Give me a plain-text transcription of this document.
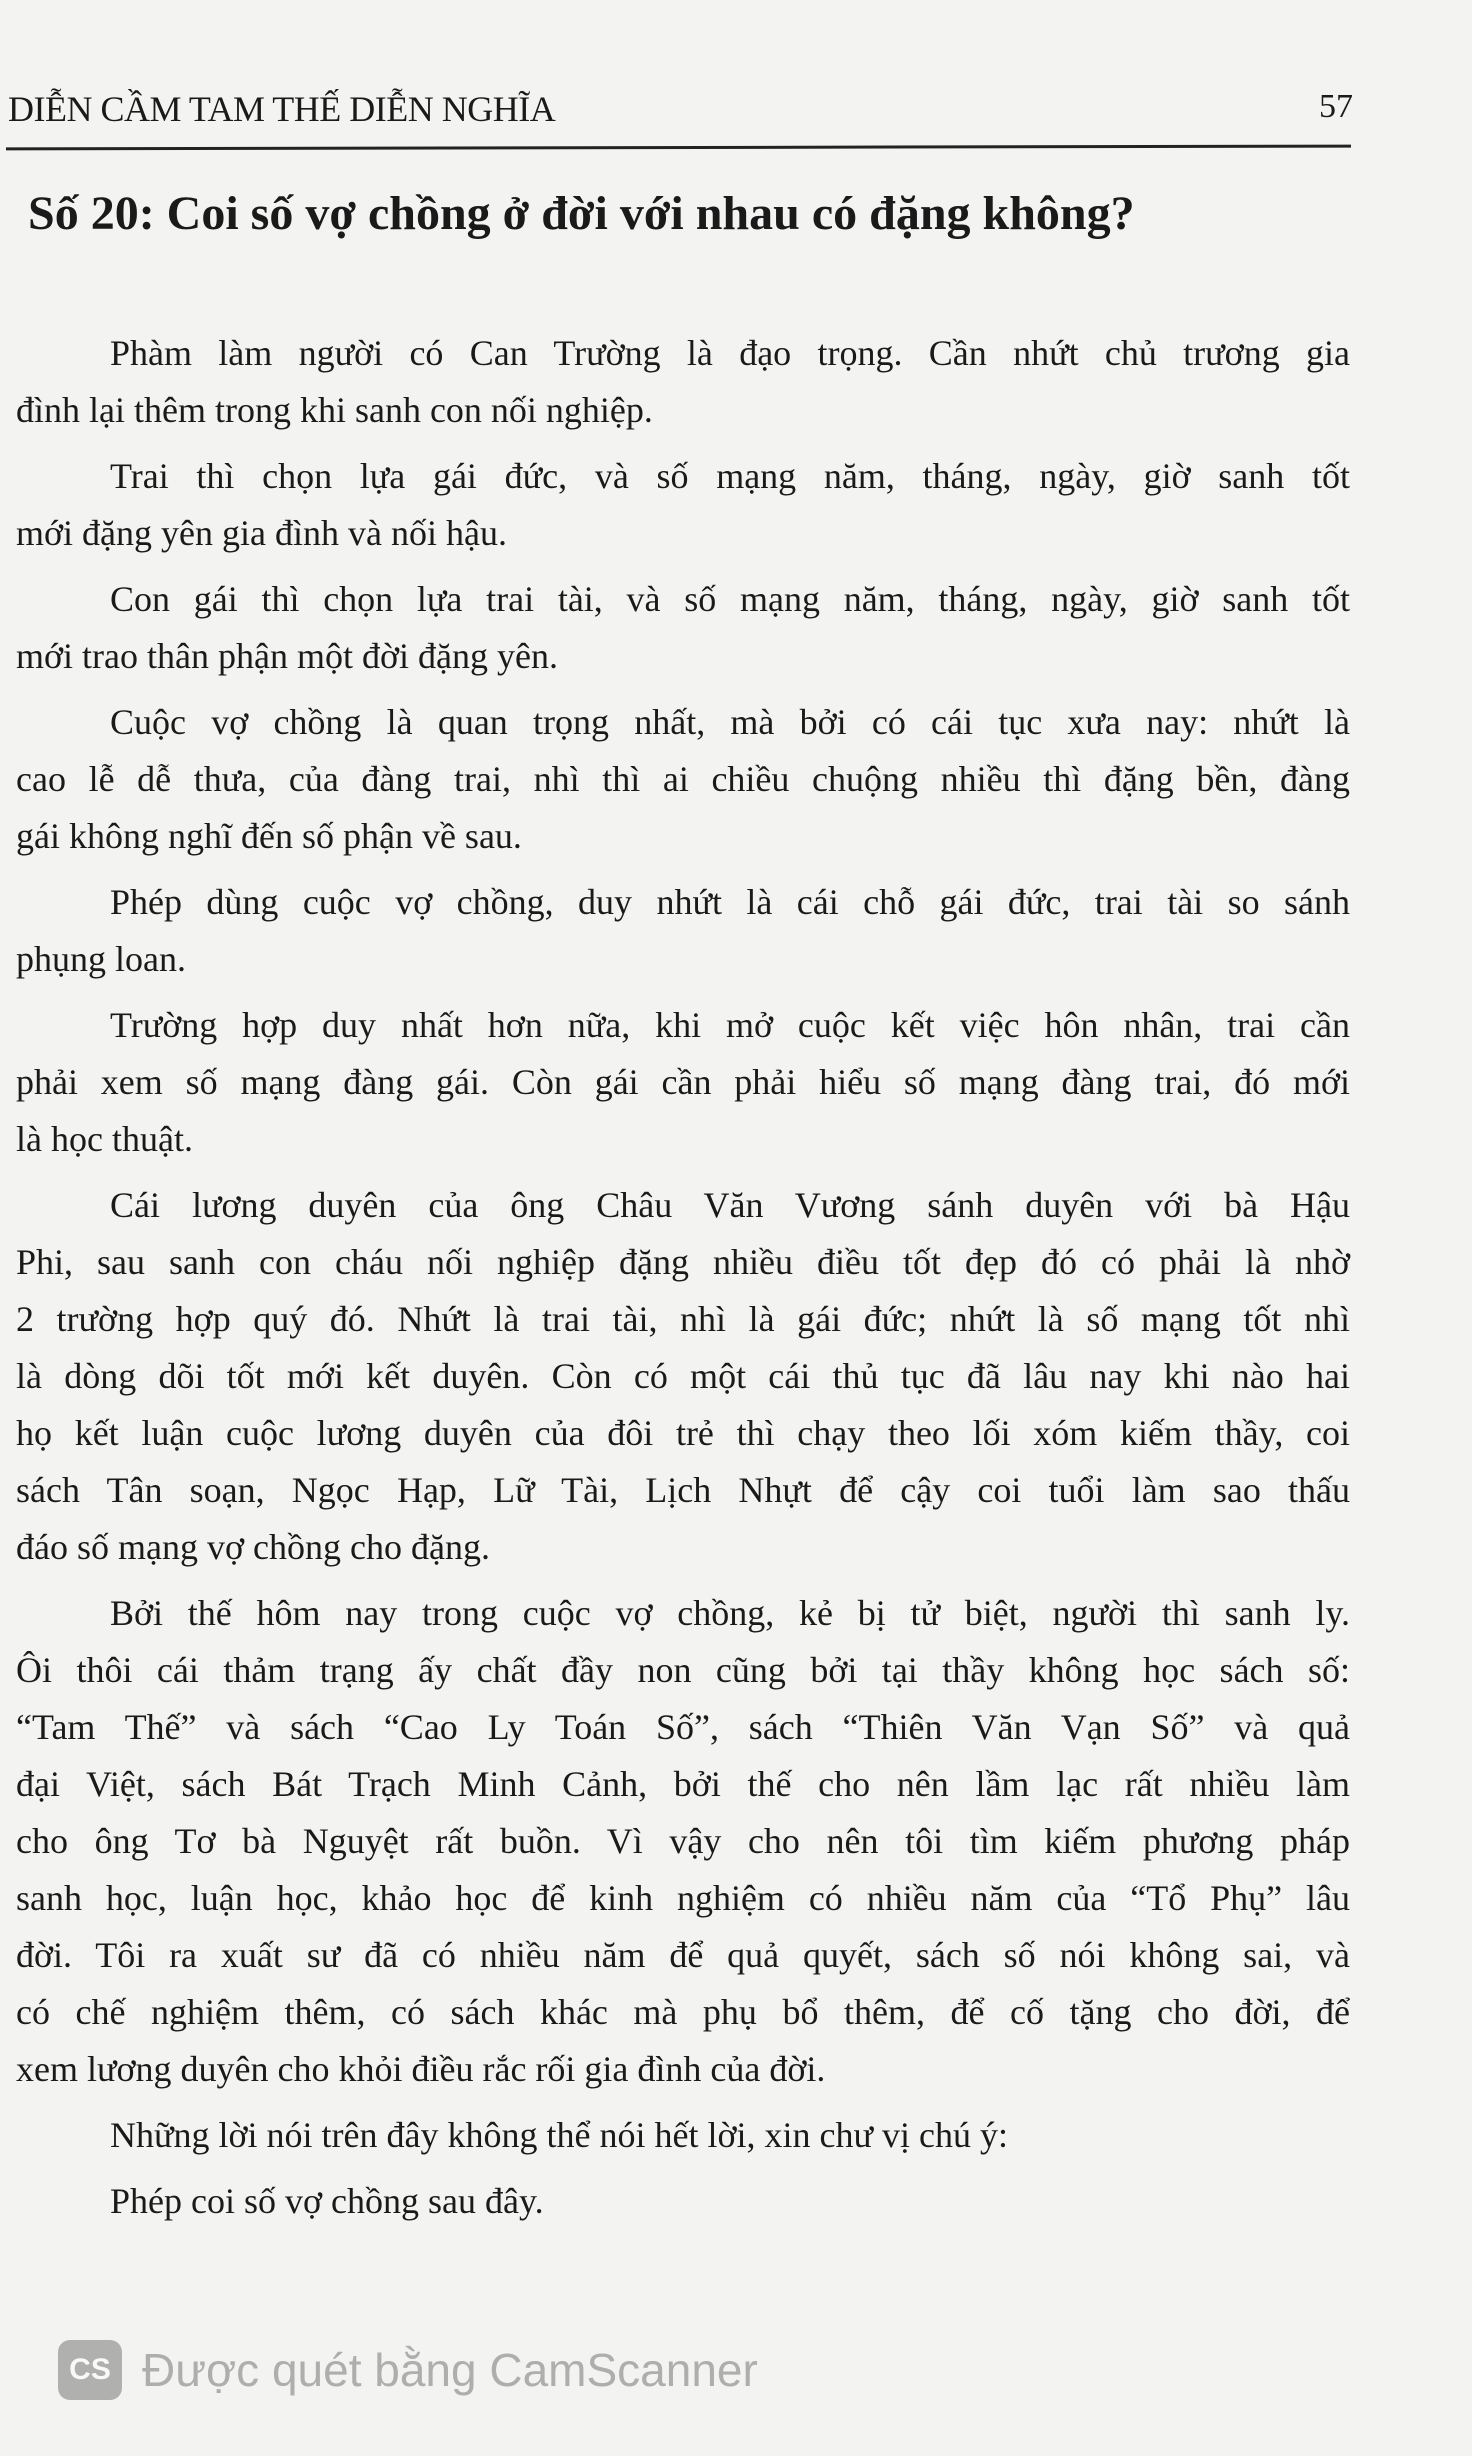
DIỄN CẦM TAM THẾ DIỄN NGHĨA	57
Số 20: Coi số vợ chồng ở đời với nhau có đặng không?
Phàm làm người có Can Trường là đạo trọng. Cần nhứt chủ trương gia
đình lại thêm trong khi sanh con nối nghiệp.
Trai thì chọn lựa gái đức, và số mạng năm, tháng, ngày, giờ sanh tốt
mới đặng yên gia đình và nối hậu.
Con gái thì chọn lựa trai tài, và số mạng năm, tháng, ngày, giờ sanh tốt
mới trao thân phận một đời đặng yên.
Cuộc vợ chồng là quan trọng nhất, mà bởi có cái tục xưa nay: nhứt là
cao lễ dễ thưa, của đàng trai, nhì thì ai chiều chuộng nhiều thì đặng bền, đàng
gái không nghĩ đến số phận về sau.
Phép dùng cuộc vợ chồng, duy nhứt là cái chỗ gái đức, trai tài so sánh
phụng loan.
Trường hợp duy nhất hơn nữa, khi mở cuộc kết việc hôn nhân, trai cần
phải xem số mạng đàng gái. Còn gái cần phải hiểu số mạng đàng trai, đó mới
là học thuật.
Cái lương duyên của ông Châu Văn Vương sánh duyên với bà Hậu
Phi, sau sanh con cháu nối nghiệp đặng nhiều điều tốt đẹp đó có phải là nhờ
2 trường hợp quý đó. Nhứt là trai tài, nhì là gái đức; nhứt là số mạng tốt nhì
là dòng dõi tốt mới kết duyên. Còn có một cái thủ tục đã lâu nay khi nào hai
họ kết luận cuộc lương duyên của đôi trẻ thì chạy theo lối xóm kiếm thầy, coi
sách Tân soạn, Ngọc Hạp, Lữ Tài, Lịch Nhựt để cậy coi tuổi làm sao thấu
đáo số mạng vợ chồng cho đặng.
Bởi thế hôm nay trong cuộc vợ chồng, kẻ bị tử biệt, người thì sanh ly.
Ôi thôi cái thảm trạng ấy chất đầy non cũng bởi tại thầy không học sách số:
“Tam Thế” và sách “Cao Ly Toán Số”, sách “Thiên Văn Vạn Số” và quả
đại Việt, sách Bát Trạch Minh Cảnh, bởi thế cho nên lầm lạc rất nhiều làm
cho ông Tơ bà Nguyệt rất buồn. Vì vậy cho nên tôi tìm kiếm phương pháp
sanh học, luận học, khảo học để kinh nghiệm có nhiều năm của “Tổ Phụ” lâu
đời. Tôi ra xuất sư đã có nhiều năm để quả quyết, sách số nói không sai, và
có chế nghiệm thêm, có sách khác mà phụ bổ thêm, để cố tặng cho đời, để
xem lương duyên cho khỏi điều rắc rối gia đình của đời.
Những lời nói trên đây không thể nói hết lời, xin chư vị chú ý:
Phép coi số vợ chồng sau đây.
CS Được quét bằng CamScanner
